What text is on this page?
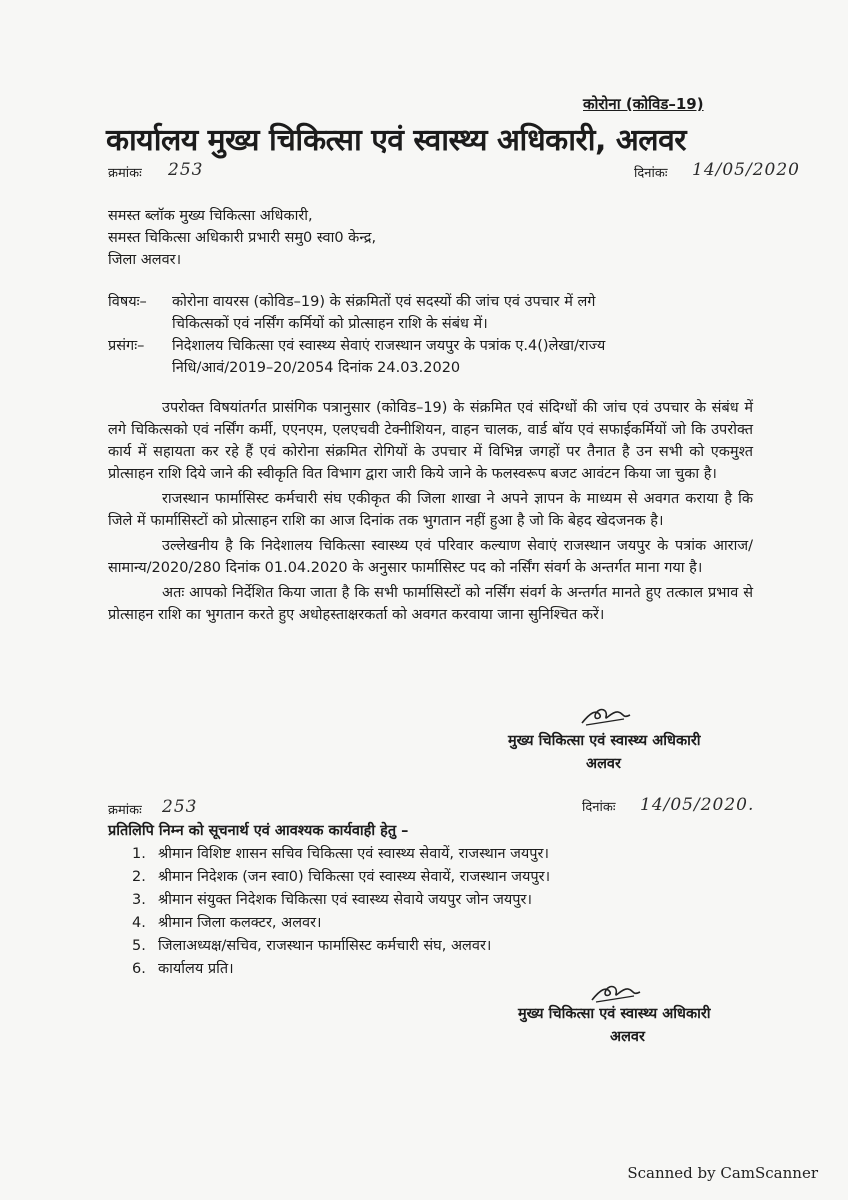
कोरोना (कोविड–19)
कार्यालय मुख्य चिकित्सा एवं स्वास्थ्य अधिकारी, अलवर
क्रमांकः 253	दिनांकः 14/05/2020
समस्त ब्लॉक मुख्य चिकित्सा अधिकारी,
समस्त चिकित्सा अधिकारी प्रभारी समु0 स्वा0 केन्द्र,
जिला अलवर।
विषयः– कोरोना वायरस (कोविड–19) के संक्रमितों एवं सदस्यों की जांच एवं उपचार में लगे
चिकित्सकों एवं नर्सिंग कर्मियों को प्रोत्साहन राशि के संबंध में।
प्रसंगः– निदेशालय चिकित्सा एवं स्वास्थ्य सेवाएं राजस्थान जयपुर के पत्रांक ए.4()लेखा/राज्य
निधि/आवं/2019–20/2054 दिनांक 24.03.2020

उपरोक्त विषयांतर्गत प्रासंगिक पत्रानुसार (कोविड–19) के संक्रमित एवं संदिग्धों की जांच एवं उपचार के संबंध में लगे चिकित्सको एवं नर्सिंग कर्मी, एएनएम, एलएचवी टेक्नीशियन, वाहन चालक, वार्ड बॉय एवं सफाईकर्मियों जो कि उपरोक्त कार्य में सहायता कर रहे हैं एवं कोरोना संक्रमित रोगियों के उपचार में विभिन्न जगहों पर तैनात है उन सभी को एकमुश्त प्रोत्साहन राशि दिये जाने की स्वीकृति वित विभाग द्वारा जारी किये जाने के फलस्वरूप बजट आवंटन किया जा चुका है।

राजस्थान फार्मासिस्ट कर्मचारी संघ एकीकृत की जिला शाखा ने अपने ज्ञापन के माध्यम से अवगत कराया है कि जिले में फार्मासिस्टों को प्रोत्साहन राशि का आज दिनांक तक भुगतान नहीं हुआ है जो कि बेहद खेदजनक है।

उल्लेखनीय है कि निदेशालय चिकित्सा स्वास्थ्य एवं परिवार कल्याण सेवाएं राजस्थान जयपुर के पत्रांक आराज/सामान्य/2020/280 दिनांक 01.04.2020 के अनुसार फार्मासिस्ट पद को नर्सिंग संवर्ग के अन्तर्गत माना गया है।

अतः आपको निर्देशित किया जाता है कि सभी फार्मासिस्टों को नर्सिंग संवर्ग के अन्तर्गत मानते हुए तत्काल प्रभाव से प्रोत्साहन राशि का भुगतान करते हुए अधोहस्ताक्षरकर्ता को अवगत करवाया जाना सुनिश्चित करें।

मुख्य चिकित्सा एवं स्वास्थ्य अधिकारी
अलवर
क्रमांकः 253	दिनांकः 14/05/2020.
प्रतिलिपि निम्न को सूचनार्थ एवं आवश्यक कार्यवाही हेतु –
1. श्रीमान विशिष्ट शासन सचिव चिकित्सा एवं स्वास्थ्य सेवायें, राजस्थान जयपुर।
2. श्रीमान निदेशक (जन स्वा0) चिकित्सा एवं स्वास्थ्य सेवायें, राजस्थान जयपुर।
3. श्रीमान संयुक्त निदेशक चिकित्सा एवं स्वास्थ्य सेवाये जयपुर जोन जयपुर।
4. श्रीमान जिला कलक्टर, अलवर।
5. जिलाअध्यक्ष/सचिव, राजस्थान फार्मासिस्ट कर्मचारी संघ, अलवर।
6. कार्यालय प्रति।
मुख्य चिकित्सा एवं स्वास्थ्य अधिकारी
अलवर
Scanned by CamScanner
